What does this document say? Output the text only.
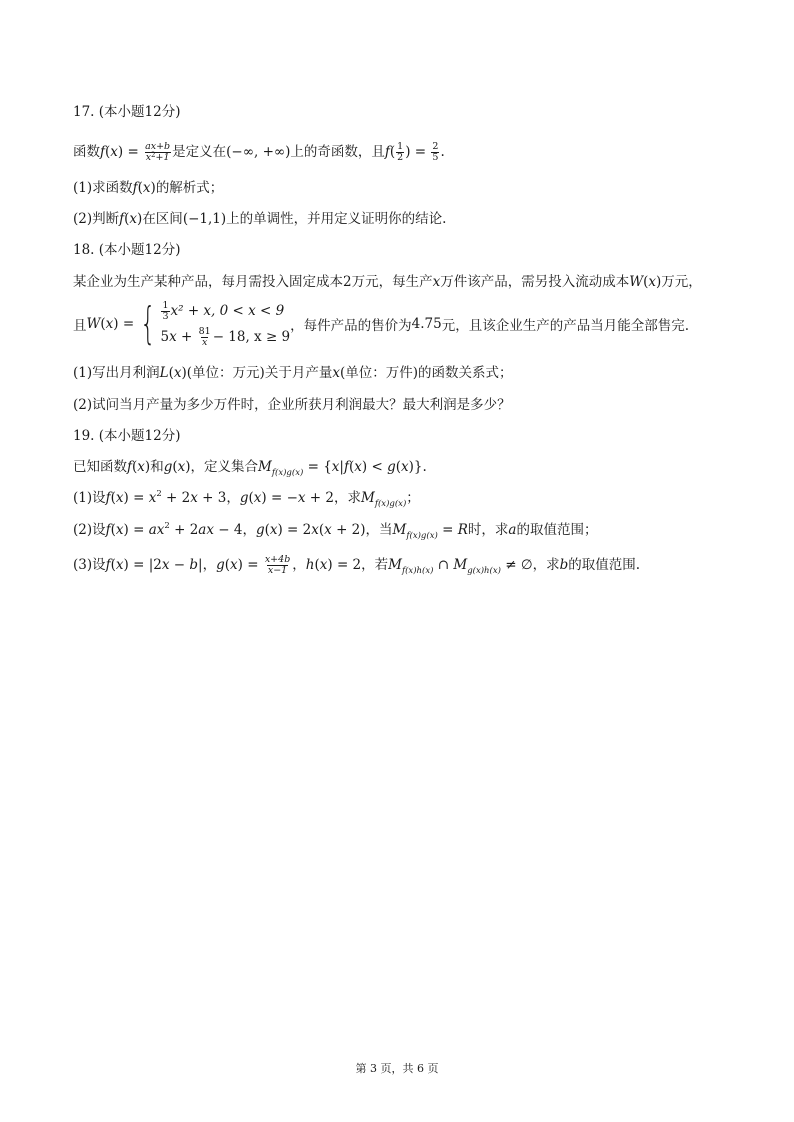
17. (本小题12分)
函数$f(x) = \frac{ax+b}{x^2+1}$ 是定义在(−∞, +∞)上的奇函数，且$f( \frac{1}{2}$ ) = $\frac{2}{5}$ .
(1)求函数f(x)的解析式；
(2)判断f(x)在区间(−1,1)上的单调性，并用定义证明你的结论.
18. (本小题12分)
某企业为生产某种产品，每月需投入固定成本2万元，每生产x万件该产品，需另投入流动成本W(x)万元，
且 W ( x ) = { $\frac{1}{3} x^2 + x$, 0 < x < 9
$5x + \frac{81}{x} - 18$, x ≥ 9
，每件产品的售价为 4.75 元，且该企业生产的产品当月能全部售完.
(1)写出月利润L(x)(单位：万元)关于月产量x(单位：万件)的函数关系式；
(2)试问当月产量为多少万件时，企业所获月利润最大？最大利润是多少？
19. (本小题12分)
已知函数f(x)和g(x)，定义集合$M_{f(x)g(x)} = \{x|f(x) < g(x)\}$.
(1)设$f(x) = x^2 + 2x + 3$，g(x) = −x + 2，求$M_{f(x)g(x)}$；
(2)设$f(x) = ax^2 + 2ax - 4$，g(x) = 2x(x + 2)，当$M_{f(x)g(x)} = R$时，求a的取值范围；
(3)设f(x) = |2x − b|，$g(x) = \frac{x+4b}{x-1}$ ，h(x) = 2，若$M_{f(x)h(x)}$ ∩ $M_{g(x)h(x)}$ ≠ ∅，求b的取值范围.
第 3 页，共 6 页
